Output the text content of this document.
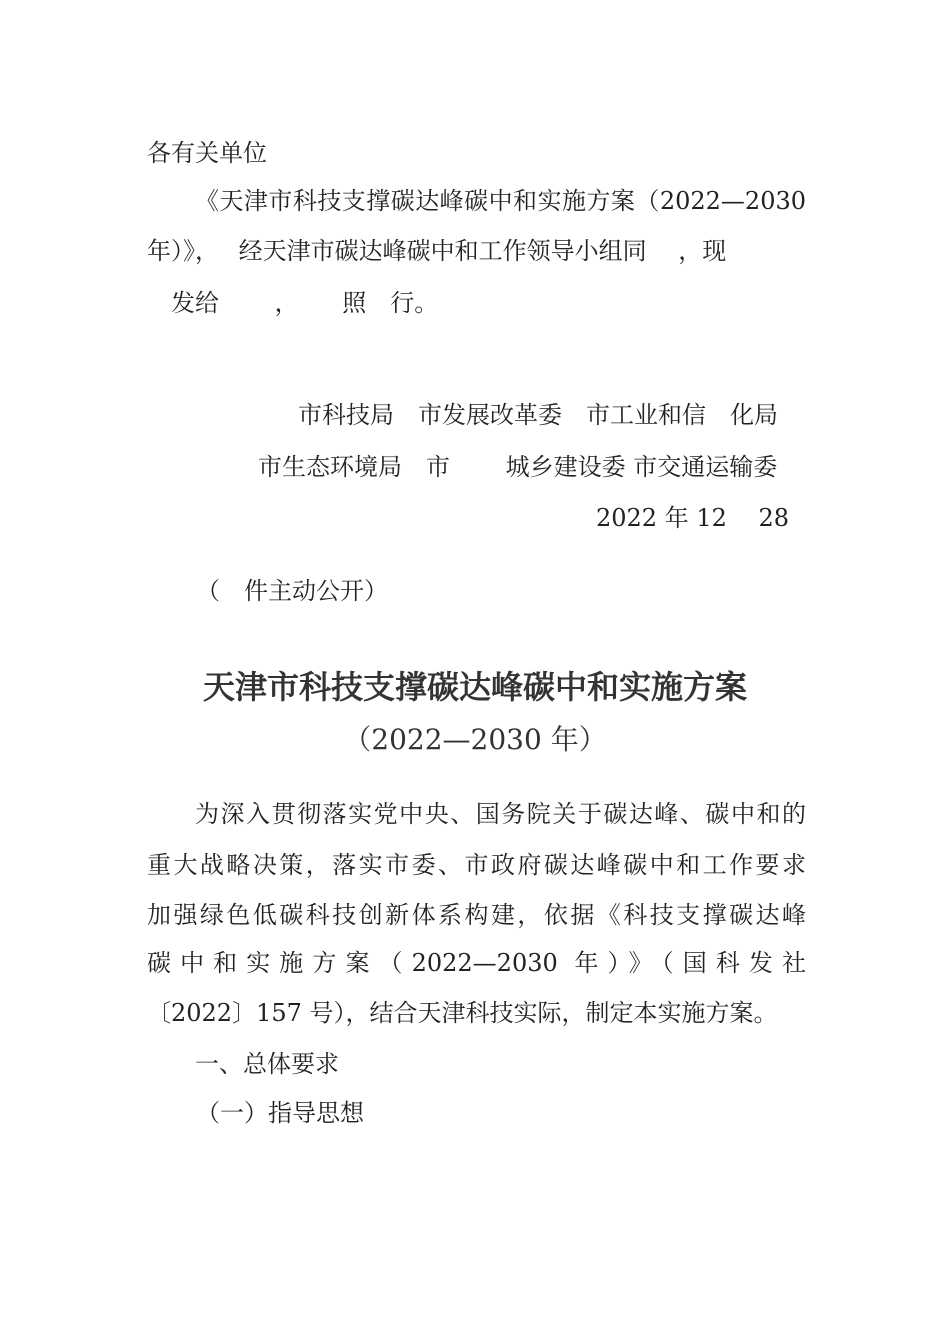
各有关单位
《天津市科技支撑碳达峰碳中和实施方案（2022—2030
年）》，　 经天津市碳达峰碳中和工作领导小组同　 ，现
　发给　　 ，　　 照　行。
市科技局　市发展改革委　市工业和信　化局
市生态环境局　市　　 城乡建设委 市交通运输委
2022 年 12　 28
（　件主动公开）
天津市科技支撑碳达峰碳中和实施方案
（2022—2030 年）
为深入贯彻落实党中央、国务院关于碳达峰、碳中和的
重大战略决策，落实市委、市政府碳达峰碳中和工作要求
加强绿色低碳科技创新体系构建，依据《科技支撑碳达峰
碳中和实施方案（2022—2030 年）》（国科发社
〔2022〕157 号），结合天津科技实际，制定本实施方案。
一、总体要求
（一）指导思想
